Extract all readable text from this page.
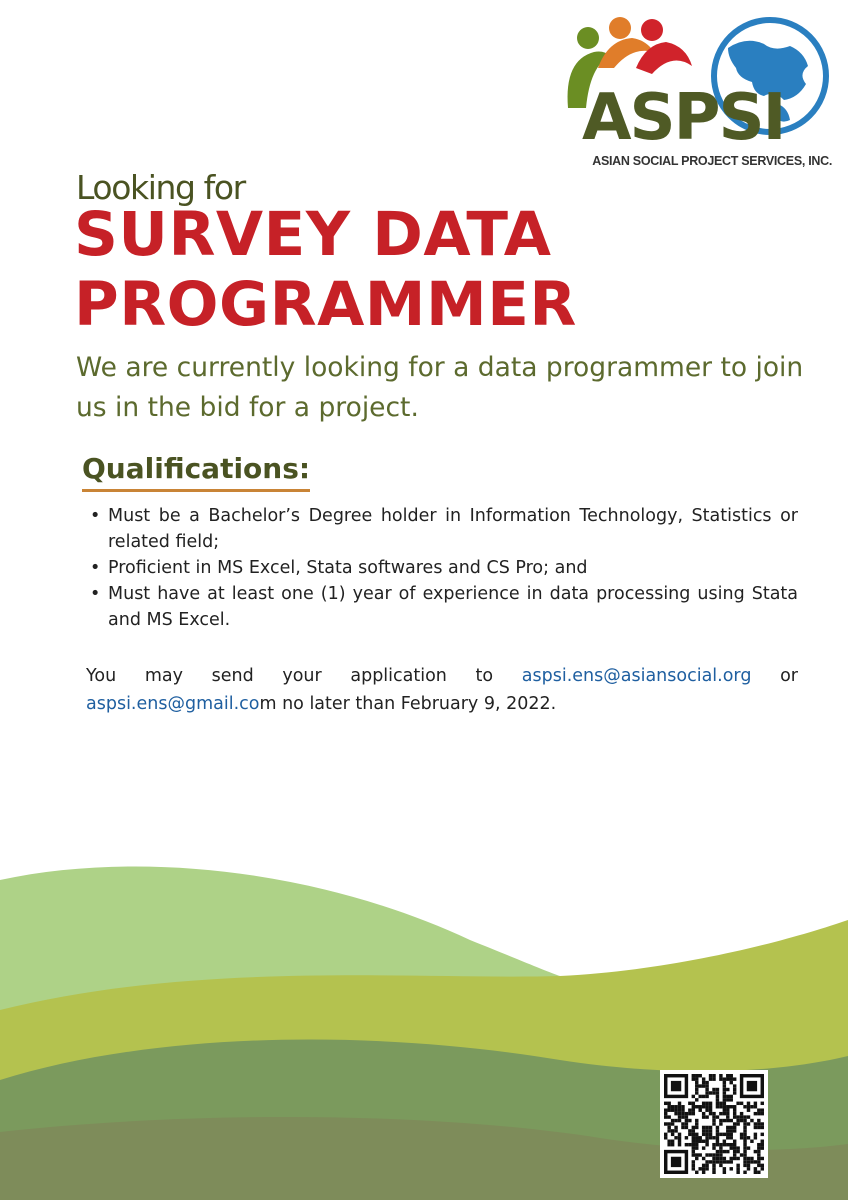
ASPSI
ASIAN SOCIAL PROJECT SERVICES, INC.
Looking for
SURVEY DATA
PROGRAMMER
We are currently looking for a data programmer to join us in the bid for a project.
Qualifications:
• Must be a Bachelor’s Degree holder in Information Technology, Statistics or related field;
• Proficient in MS Excel, Stata softwares and CS Pro; and
• Must have at least one (1) year of experience in data processing using Stata and MS Excel.
You may send your application to aspsi.ens@asiansocial.org or aspsi.ens@gmail.com no later than February 9, 2022.
